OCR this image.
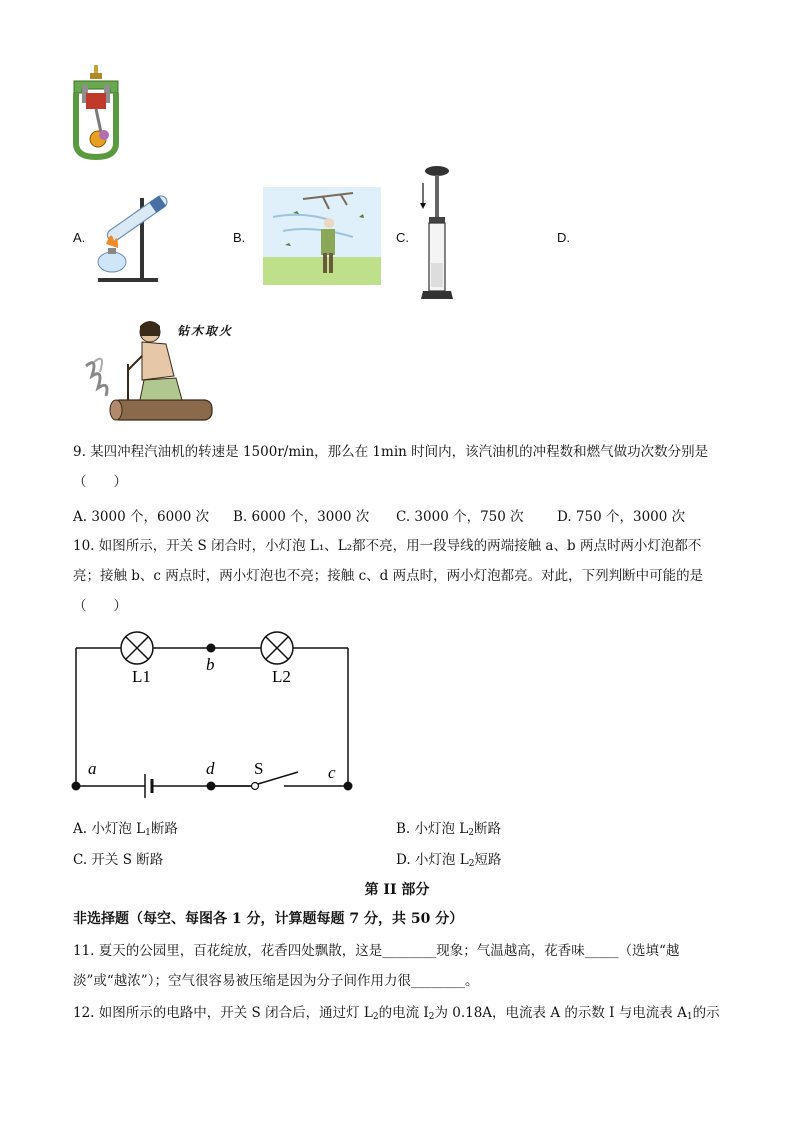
A.	B.	C.	D.
钻木取火
9. 某四冲程汽油机的转速是 1500r/min，那么在 1min 时间内，该汽油机的冲程数和燃气做功次数分别是
（　　）
A. 3000 个，6000 次 B. 6000 个，3000 次 C. 3000 个，750 次 D. 750 个，3000 次
10. 如图所示，开关 S 闭合时，小灯泡 L₁、L₂都不亮，用一段导线的两端接触 a、b 两点时两小灯泡都不
亮；接触 b、c 两点时，两小灯泡也不亮；接触 c、d 两点时，两小灯泡都亮。对此，下列判断中可能的是
（　　）
L1
b
L2
a	d S	c
A. 小灯泡 $L_1$断路	B. 小灯泡 $L_2$断路
C. 开关 S 断路	D. 小灯泡 $L_2$短路
第 II 部分
非选择题（每空、每图各 1 分，计算题每题 7 分，共 50 分）
11. 夏天的公园里，百花绽放，花香四处飘散，这是________现象；气温越高，花香味_____（选填“越
淡”或“越浓”）；空气很容易被压缩是因为分子间作用力很________。
12. 如图所示的电路中，开关 S 闭合后，通过灯 $L_2$的电流 $I_2$为 0.18A，电流表 A 的示数 I 与电流表 $A_1$的示
